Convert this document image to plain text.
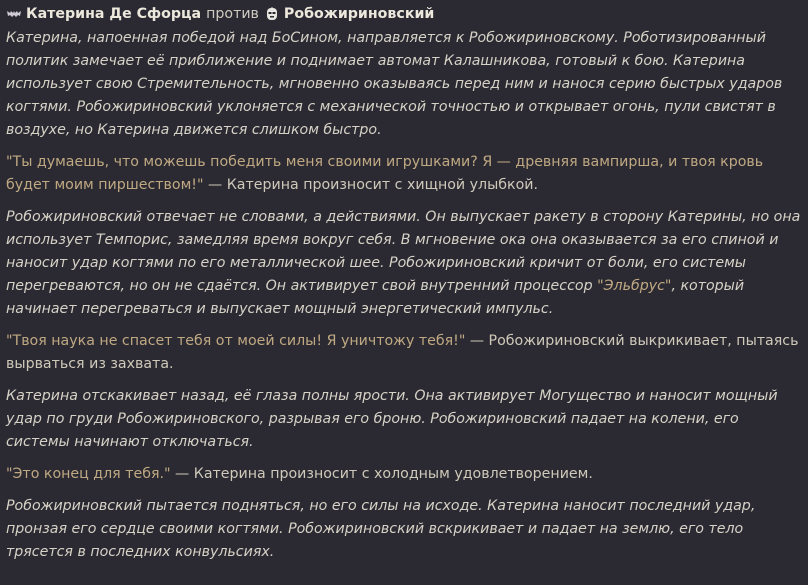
Катерина Де Сфорца против Робожириновский

Катерина, напоенная победой над БоСином, направляется к Робожириновскому. Роботизированный политик замечает её приближение и поднимает автомат Калашникова, готовый к бою. Катерина использует свою Стремительность, мгновенно оказываясь перед ним и нанося серию быстрых ударов когтями. Робожириновский уклоняется с механической точностью и открывает огонь, пули свистят в воздухе, но Катерина движется слишком быстро.

"Ты думаешь, что можешь победить меня своими игрушками? Я — древняя вампирша, и твоя кровь будет моим пиршеством!" — Катерина произносит с хищной улыбкой.

Робожириновский отвечает не словами, а действиями. Он выпускает ракету в сторону Катерины, но она использует Темпорис, замедляя время вокруг себя. В мгновение ока она оказывается за его спиной и наносит удар когтями по его металлической шее. Робожириновский кричит от боли, его системы перегреваются, но он не сдаётся. Он активирует свой внутренний процессор "Эльбрус", который начинает перегреваться и выпускает мощный энергетический импульс.

"Твоя наука не спасет тебя от моей силы! Я уничтожу тебя!" — Робожириновский выкрикивает, пытаясь вырваться из захвата.

Катерина отскакивает назад, её глаза полны ярости. Она активирует Могущество и наносит мощный удар по груди Робожириновского, разрывая его броню. Робожириновский падает на колени, его системы начинают отключаться.

"Это конец для тебя." — Катерина произносит с холодным удовлетворением.

Робожириновский пытается подняться, но его силы на исходе. Катерина наносит последний удар, пронзая его сердце своими когтями. Робожириновский вскрикивает и падает на землю, его тело трясется в последних конвульсиях.
